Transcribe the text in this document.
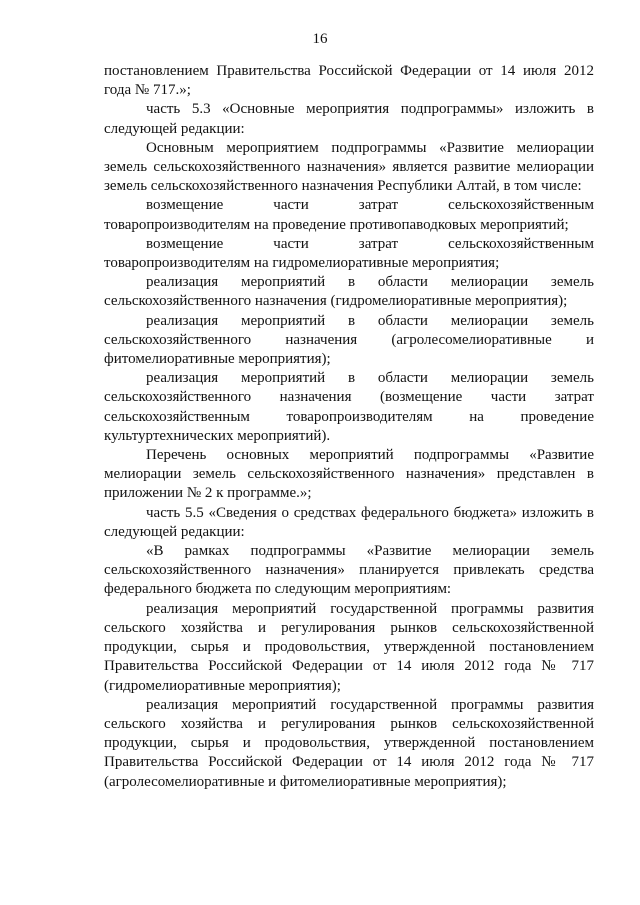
16

постановлением Правительства Российской Федерации от 14 июля 2012 года № 717.»;

часть 5.3 «Основные мероприятия подпрограммы» изложить в следующей редакции:

Основным мероприятием подпрограммы «Развитие мелиорации земель сельскохозяйственного назначения» является развитие мелиорации земель сельскохозяйственного назначения Республики Алтай, в том числе:

возмещение части затрат сельскохозяйственным товаропроизводителям на проведение противопаводковых мероприятий;

возмещение части затрат сельскохозяйственным товаропроизводителям на гидромелиоративные мероприятия;

реализация мероприятий в области мелиорации земель сельскохозяйственного назначения (гидромелиоративные мероприятия);

реализация мероприятий в области мелиорации земель сельскохозяйственного назначения (агролесомелиоративные и фитомелиоративные мероприятия);

реализация мероприятий в области мелиорации земель сельскохозяйственного назначения (возмещение части затрат сельскохозяйственным товаропроизводителям на проведение культуртехнических мероприятий).

Перечень основных мероприятий подпрограммы «Развитие мелиорации земель сельскохозяйственного назначения» представлен в приложении № 2 к программе.»;

часть 5.5 «Сведения о средствах федерального бюджета» изложить в следующей редакции:

«В рамках подпрограммы «Развитие мелиорации земель сельскохозяйственного назначения» планируется привлекать средства федерального бюджета по следующим мероприятиям:

реализация мероприятий государственной программы развития сельского хозяйства и регулирования рынков сельскохозяйственной продукции, сырья и продовольствия, утвержденной постановлением Правительства Российской Федерации от 14 июля 2012 года № 717 (гидромелиоративные мероприятия);

реализация мероприятий государственной программы развития сельского хозяйства и регулирования рынков сельскохозяйственной продукции, сырья и продовольствия, утвержденной постановлением Правительства Российской Федерации от 14 июля 2012 года № 717 (агролесомелиоративные и фитомелиоративные мероприятия);
